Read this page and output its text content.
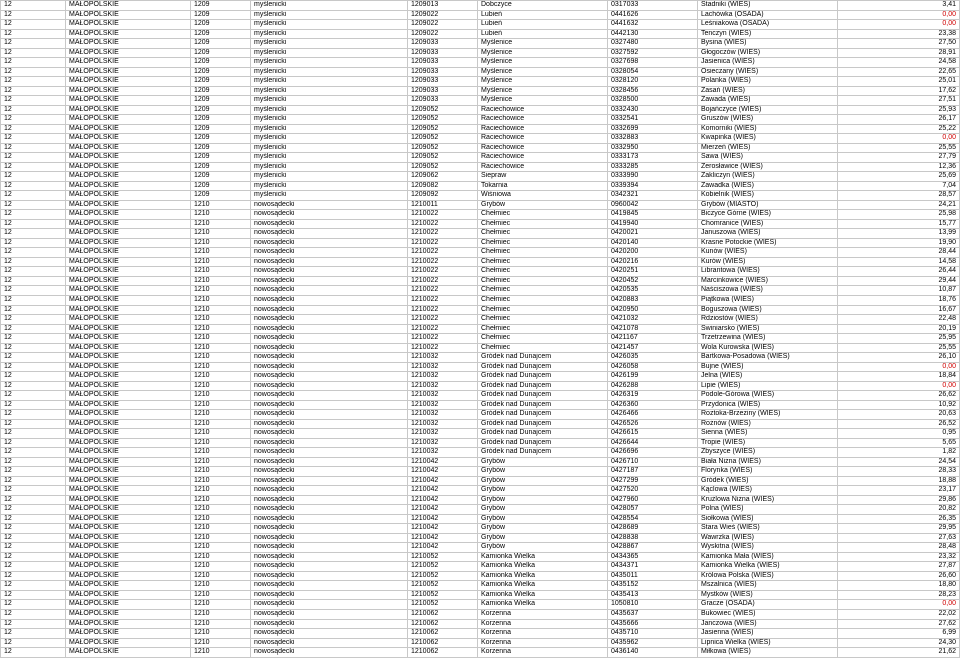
12	MAŁOPOLSKIE	1209	myślenicki	1209013	Dobczyce	0317033	Stadniki (WIEŚ)	3,41
12	MAŁOPOLSKIE	1209	myślenicki	1209022	Lubień	0441626	Lachówka (OSADA)	0,00
12	MAŁOPOLSKIE	1209	myślenicki	1209022	Lubień	0441632	Leśniakowa (OSADA)	0,00
12	MAŁOPOLSKIE	1209	myślenicki	1209022	Lubień	0442130	Tenczyn (WIEŚ)	23,38
12	MAŁOPOLSKIE	1209	myślenicki	1209033	Myślenice	0327480	Bysina (WIEŚ)	27,50
12	MAŁOPOLSKIE	1209	myślenicki	1209033	Myślenice	0327592	Głogoczów (WIEŚ)	28,91
12	MAŁOPOLSKIE	1209	myślenicki	1209033	Myślenice	0327698	Jasienica (WIEŚ)	24,58
12	MAŁOPOLSKIE	1209	myślenicki	1209033	Myślenice	0328054	Osieczany (WIEŚ)	22,65
12	MAŁOPOLSKIE	1209	myślenicki	1209033	Myślenice	0328120	Polanka (WIEŚ)	25,01
12	MAŁOPOLSKIE	1209	myślenicki	1209033	Myślenice	0328456	Zasań (WIEŚ)	17,62
12	MAŁOPOLSKIE	1209	myślenicki	1209033	Myślenice	0328500	Zawada (WIEŚ)	27,51
12	MAŁOPOLSKIE	1209	myślenicki	1209052	Raciechowice	0332430	Bojańczyce (WIEŚ)	25,93
12	MAŁOPOLSKIE	1209	myślenicki	1209052	Raciechowice	0332541	Gruszów (WIEŚ)	26,17
12	MAŁOPOLSKIE	1209	myślenicki	1209052	Raciechowice	0332699	Komorniki (WIEŚ)	25,22
12	MAŁOPOLSKIE	1209	myślenicki	1209052	Raciechowice	0332883	Kwapinka (WIEŚ)	0,00
12	MAŁOPOLSKIE	1209	myślenicki	1209052	Raciechowice	0332950	Mierzeń (WIEŚ)	25,55
12	MAŁOPOLSKIE	1209	myślenicki	1209052	Raciechowice	0333173	Sawa (WIEŚ)	27,79
12	MAŁOPOLSKIE	1209	myślenicki	1209052	Raciechowice	0333285	Żerosławice (WIEŚ)	12,36
12	MAŁOPOLSKIE	1209	myślenicki	1209062	Sieprаw	0333990	Zakliczyn (WIEŚ)	25,69
12	MAŁOPOLSKIE	1209	myślenicki	1209082	Tokarnia	0339394	Zawadka (WIEŚ)	7,04
12	MAŁOPOLSKIE	1209	myślenicki	1209092	Wiśniowa	0342321	Kobielnik (WIEŚ)	28,57
12	MAŁOPOLSKIE	1210	nowosądecki	1210011	Grybów	0960042	Grybów (MIASTO)	24,21
12	MAŁOPOLSKIE	1210	nowosądecki	1210022	Chełmiec	0419845	Biczyce Górne (WIEŚ)	25,98
12	MAŁOPOLSKIE	1210	nowosądecki	1210022	Chełmiec	0419940	Chomranice (WIEŚ)	15,77
12	MAŁOPOLSKIE	1210	nowosądecki	1210022	Chełmiec	0420021	Januszowa (WIEŚ)	13,99
12	MAŁOPOLSKIE	1210	nowosądecki	1210022	Chełmiec	0420140	Krasne Potockie (WIEŚ)	19,90
12	MAŁOPOLSKIE	1210	nowosądecki	1210022	Chełmiec	0420200	Kunów (WIEŚ)	28,44
12	MAŁOPOLSKIE	1210	nowosądecki	1210022	Chełmiec	0420216	Kurów (WIEŚ)	14,58
12	MAŁOPOLSKIE	1210	nowosądecki	1210022	Chełmiec	0420251	Librantowa (WIEŚ)	26,44
12	MAŁOPOLSKIE	1210	nowosądecki	1210022	Chełmiec	0420452	Marcinkowice (WIEŚ)	29,44
12	MAŁOPOLSKIE	1210	nowosądecki	1210022	Chełmiec	0420535	Naściszowa (WIEŚ)	10,87
12	MAŁOPOLSKIE	1210	nowosądecki	1210022	Chełmiec	0420883	Piątkowa (WIEŚ)	18,76
12	MAŁOPOLSKIE	1210	nowosądecki	1210022	Chełmiec	0420950	Boguszowa (WIEŚ)	16,67
12	MAŁOPOLSKIE	1210	nowosądecki	1210022	Chełmiec	0421032	Rdziostów (WIEŚ)	22,48
12	MAŁOPOLSKIE	1210	nowosądecki	1210022	Chełmiec	0421078	Świniarsko (WIEŚ)	20,19
12	MAŁOPOLSKIE	1210	nowosądecki	1210022	Chełmiec	0421167	Trzetrzewina (WIEŚ)	25,95
12	MAŁOPOLSKIE	1210	nowosądecki	1210022	Chełmiec	0421457	Wola Kurowska (WIEŚ)	25,55
12	MAŁOPOLSKIE	1210	nowosądecki	1210032	Gródek nad Dunajcem	0426035	Bartkowa-Posadowa (WIEŚ)	26,10
12	MAŁOPOLSKIE	1210	nowosądecki	1210032	Gródek nad Dunajcem	0426058	Bujne (WIEŚ)	0,00
12	MAŁOPOLSKIE	1210	nowosądecki	1210032	Gródek nad Dunajcem	0426199	Jelna (WIEŚ)	18,84
12	MAŁOPOLSKIE	1210	nowosądecki	1210032	Gródek nad Dunajcem	0426288	Lipie (WIEŚ)	0,00
12	MAŁOPOLSKIE	1210	nowosądecki	1210032	Gródek nad Dunajcem	0426319	Podole-Górowa (WIEŚ)	26,62
12	MAŁOPOLSKIE	1210	nowosądecki	1210032	Gródek nad Dunajcem	0426360	Przydonica (WIEŚ)	10,92
12	MAŁOPOLSKIE	1210	nowosądecki	1210032	Gródek nad Dunajcem	0426466	Roztoka-Brzeziny (WIEŚ)	20,63
12	MAŁOPOLSKIE	1210	nowosądecki	1210032	Gródek nad Dunajcem	0426526	Rożnów (WIEŚ)	26,52
12	MAŁOPOLSKIE	1210	nowosądecki	1210032	Gródek nad Dunajcem	0426615	Sienna (WIEŚ)	0,95
12	MAŁOPOLSKIE	1210	nowosądecki	1210032	Gródek nad Dunajcem	0426644	Tropie (WIEŚ)	5,65
12	MAŁOPOLSKIE	1210	nowosądecki	1210032	Gródek nad Dunajcem	0426696	Zbyszyce (WIEŚ)	1,82
12	MAŁOPOLSKIE	1210	nowosądecki	1210042	Grybów	0426710	Biała Niżna (WIEŚ)	24,54
12	MAŁOPOLSKIE	1210	nowosądecki	1210042	Grybów	0427187	Florynka (WIEŚ)	28,33
12	MAŁOPOLSKIE	1210	nowosądecki	1210042	Grybów	0427299	Gródek (WIEŚ)	18,88
12	MAŁOPOLSKIE	1210	nowosądecki	1210042	Grybów	0427520	Kąclowa (WIEŚ)	23,17
12	MAŁOPOLSKIE	1210	nowosądecki	1210042	Grybów	0427960	Krużlowa Niżna (WIEŚ)	29,86
12	MAŁOPOLSKIE	1210	nowosądecki	1210042	Grybów	0428057	Polna (WIEŚ)	20,82
12	MAŁOPOLSKIE	1210	nowosądecki	1210042	Grybów	0428554	Siołkowa (WIEŚ)	26,35
12	MAŁOPOLSKIE	1210	nowosądecki	1210042	Grybów	0428689	Stara Wieś (WIEŚ)	29,95
12	MAŁOPOLSKIE	1210	nowosądecki	1210042	Grybów	0428838	Wawrzka (WIEŚ)	27,63
12	MAŁOPOLSKIE	1210	nowosądecki	1210042	Grybów	0428867	Wyskitna (WIEŚ)	28,48
12	MAŁOPOLSKIE	1210	nowosądecki	1210052	Kamionka Wielka	0434365	Kamionka Mała (WIEŚ)	23,32
12	MAŁOPOLSKIE	1210	nowosądecki	1210052	Kamionka Wielka	0434371	Kamionka Wielka (WIEŚ)	27,87
12	MAŁOPOLSKIE	1210	nowosądecki	1210052	Kamionka Wielka	0435011	Królowa Polska (WIEŚ)	26,60
12	MAŁOPOLSKIE	1210	nowosądecki	1210052	Kamionka Wielka	0435152	Mszalnica (WIEŚ)	18,80
12	MAŁOPOLSKIE	1210	nowosądecki	1210052	Kamionka Wielka	0435413	Mystków (WIEŚ)	28,23
12	MAŁOPOLSKIE	1210	nowosądecki	1210052	Kamionka Wielka	1050810	Gracze (OSADA)	0,00
12	MAŁOPOLSKIE	1210	nowosądecki	1210062	Korzenna	0435637	Bukowiec (WIEŚ)	22,02
12	MAŁOPOLSKIE	1210	nowosądecki	1210062	Korzenna	0435666	Janczowa (WIEŚ)	27,62
12	MAŁOPOLSKIE	1210	nowosądecki	1210062	Korzenna	0435710	Jasienna (WIEŚ)	6,99
12	MAŁOPOLSKIE	1210	nowosądecki	1210062	Korzenna	0435962	Lipnica Wielka (WIEŚ)	24,30
12	MAŁOPOLSKIE	1210	nowosądecki	1210062	Korzenna	0436140	Miłkowa (WIEŚ)	21,62
